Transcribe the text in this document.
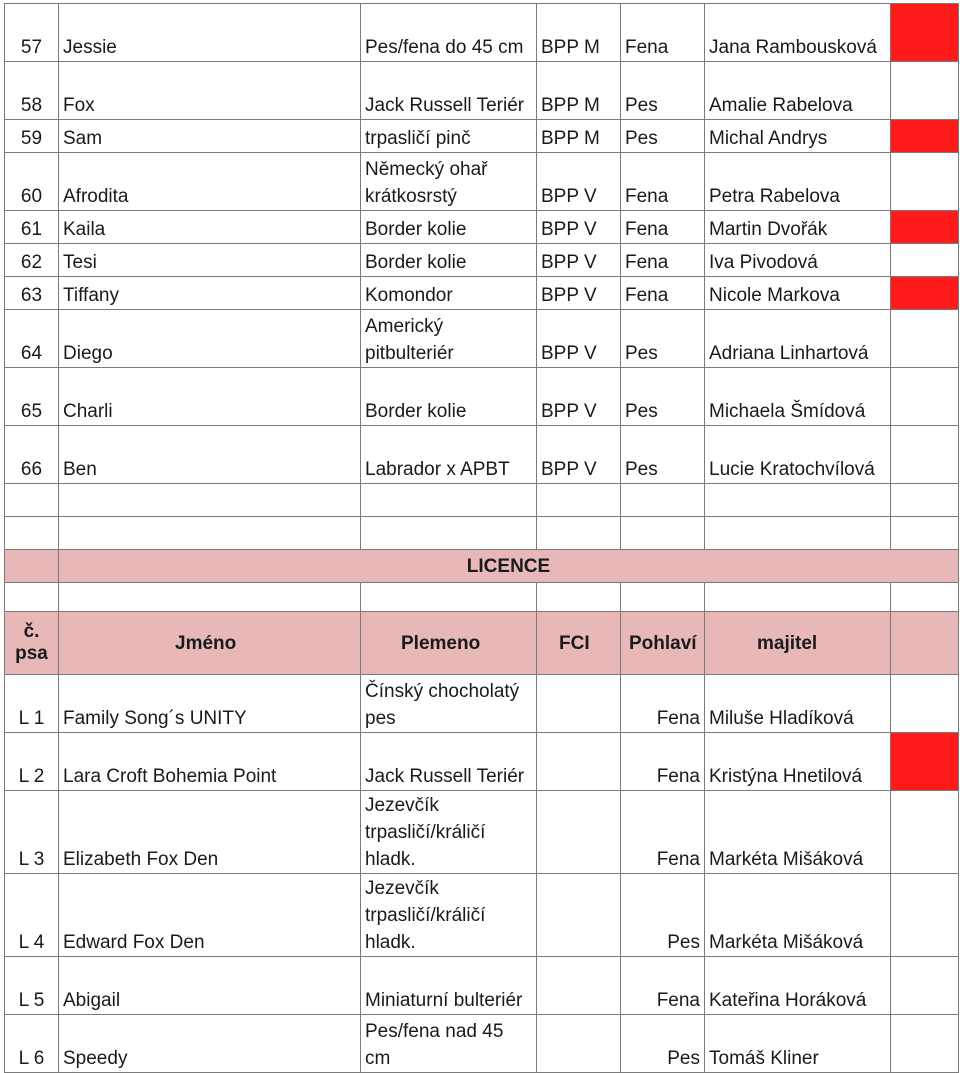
57	Jessie	Pes/fena do 45 cm	BPP M	Fena	Jana Rambousková	
58	Fox	Jack Russell Teriér	BPP M	Pes	Amalie Rabelova	
59	Sam	trpasličí pinč	BPP M	Pes	Michal Andrys	
60	Afrodita	Německý ohař krátkosrstý	BPP V	Fena	Petra Rabelova	
61	Kaila	Border kolie	BPP V	Fena	Martin Dvořák	
62	Tesi	Border kolie	BPP V	Fena	Iva Pivodová	
63	Tiffany	Komondor	BPP V	Fena	Nicole Markova	
64	Diego	Americký pitbulteriér	BPP V	Pes	Adriana Linhartová	
65	Charli	Border kolie	BPP V	Pes	Michaela Šmídová	
66	Ben	Labrador x APBT	BPP V	Pes	Lucie Kratochvílová	

	LICENCE					

č. psa	Jméno	Plemeno	FCI	Pohlaví	majitel	
L 1	Family Song´s UNITY	Čínský chocholatý pes		Fena	Miluše Hladíková	
L 2	Lara Croft Bohemia Point	Jack Russell Teriér		Fena	Kristýna Hnetilová	
L 3	Elizabeth Fox Den	Jezevčík trpasličí/králičí hladk.		Fena	Markéta Mišáková	
L 4	Edward Fox Den	Jezevčík trpasličí/králičí hladk.		Pes	Markéta Mišáková	
L 5	Abigail	Miniaturní bulteriér		Fena	Kateřina Horáková	
L 6	Speedy	Pes/fena nad 45 cm		Pes	Tomáš Kliner	
